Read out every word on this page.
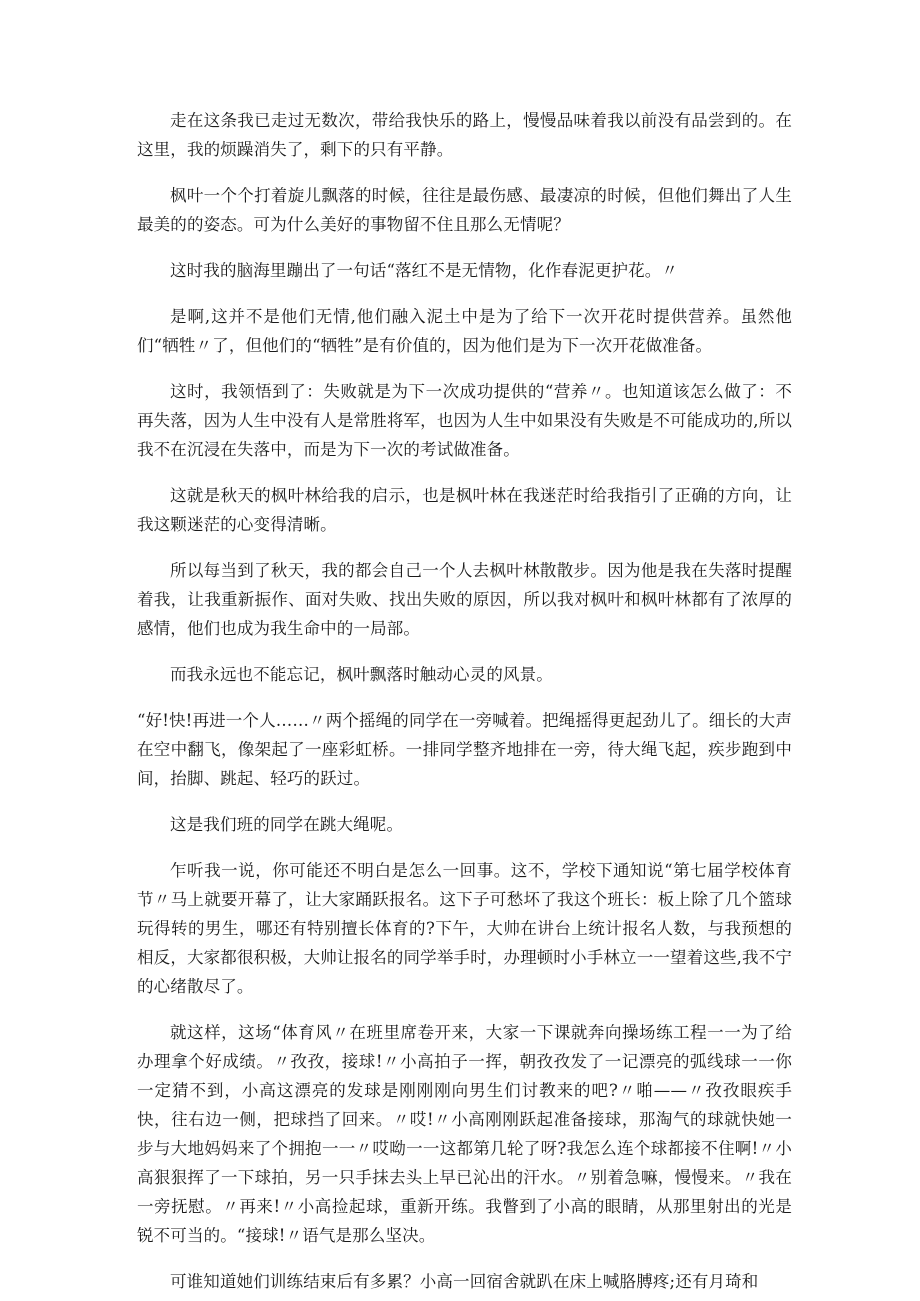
走在这条我已走过无数次，带给我快乐的路上，慢慢品味着我以前没有品尝到的。在这里，我的烦躁消失了，剩下的只有平静。

枫叶一个个打着旋儿飘落的时候，往往是最伤感、最凄凉的时候，但他们舞出了人生最美的的姿态。可为什么美好的事物留不住且那么无情呢？

这时我的脑海里蹦出了一句话“落红不是无情物，化作春泥更护花。〃

是啊,这并不是他们无情,他们融入泥土中是为了给下一次开花时提供营养。虽然他们“牺牲〃了，但他们的“牺牲”是有价值的，因为他们是为下一次开花做准备。

这时，我领悟到了：失败就是为下一次成功提供的“营养〃。也知道该怎么做了：不再失落，因为人生中没有人是常胜将军，也因为人生中如果没有失败是不可能成功的,所以我不在沉浸在失落中，而是为下一次的考试做准备。

这就是秋天的枫叶林给我的启示，也是枫叶林在我迷茫时给我指引了正确的方向，让我这颗迷茫的心变得清晰。

所以每当到了秋天，我的都会自己一个人去枫叶林散散步。因为他是我在失落时提醒着我，让我重新振作、面对失败、找出失败的原因，所以我对枫叶和枫叶林都有了浓厚的感情，他们也成为我生命中的一局部。

而我永远也不能忘记，枫叶飘落时触动心灵的风景。

“好!快!再进一个人……〃两个摇绳的同学在一旁喊着。把绳摇得更起劲儿了。细长的大声在空中翻飞，像架起了一座彩虹桥。一排同学整齐地排在一旁，待大绳飞起，疾步跑到中间，抬脚、跳起、轻巧的跃过。

这是我们班的同学在跳大绳呢。

乍听我一说，你可能还不明白是怎么一回事。这不，学校下通知说“第七届学校体育节〃马上就要开幕了，让大家踊跃报名。这下子可愁坏了我这个班长：板上除了几个篮球玩得转的男生，哪还有特别擅长体育的?下午，大帅在讲台上统计报名人数，与我预想的相反，大家都很积极，大帅让报名的同学举手时，办理顿时小手林立一一望着这些,我不宁的心绪散尽了。

就这样，这场“体育风〃在班里席卷开来，大家一下课就奔向操场练工程一一为了给办理拿个好成绩。〃孜孜，接球!〃小高拍子一挥，朝孜孜发了一记漂亮的弧线球一一你一定猜不到，小高这漂亮的发球是刚刚刚向男生们讨教来的吧?〃啪——〃孜孜眼疾手快，往右边一侧，把球挡了回来。〃哎!〃小高刚刚跃起准备接球，那淘气的球就快她一步与大地妈妈来了个拥抱一一〃哎呦一一这都第几轮了呀?我怎么连个球都接不住啊!〃小高狠狠挥了一下球拍，另一只手抹去头上早已沁出的汗水。〃别着急嘛，慢慢来。〃我在一旁抚慰。〃再来!〃小高捡起球，重新开练。我瞥到了小高的眼睛，从那里射出的光是锐不可当的。“接球!〃语气是那么坚决。

可谁知道她们训练结束后有多累？小高一回宿舍就趴在床上喊胳膊疼;还有月琦和
